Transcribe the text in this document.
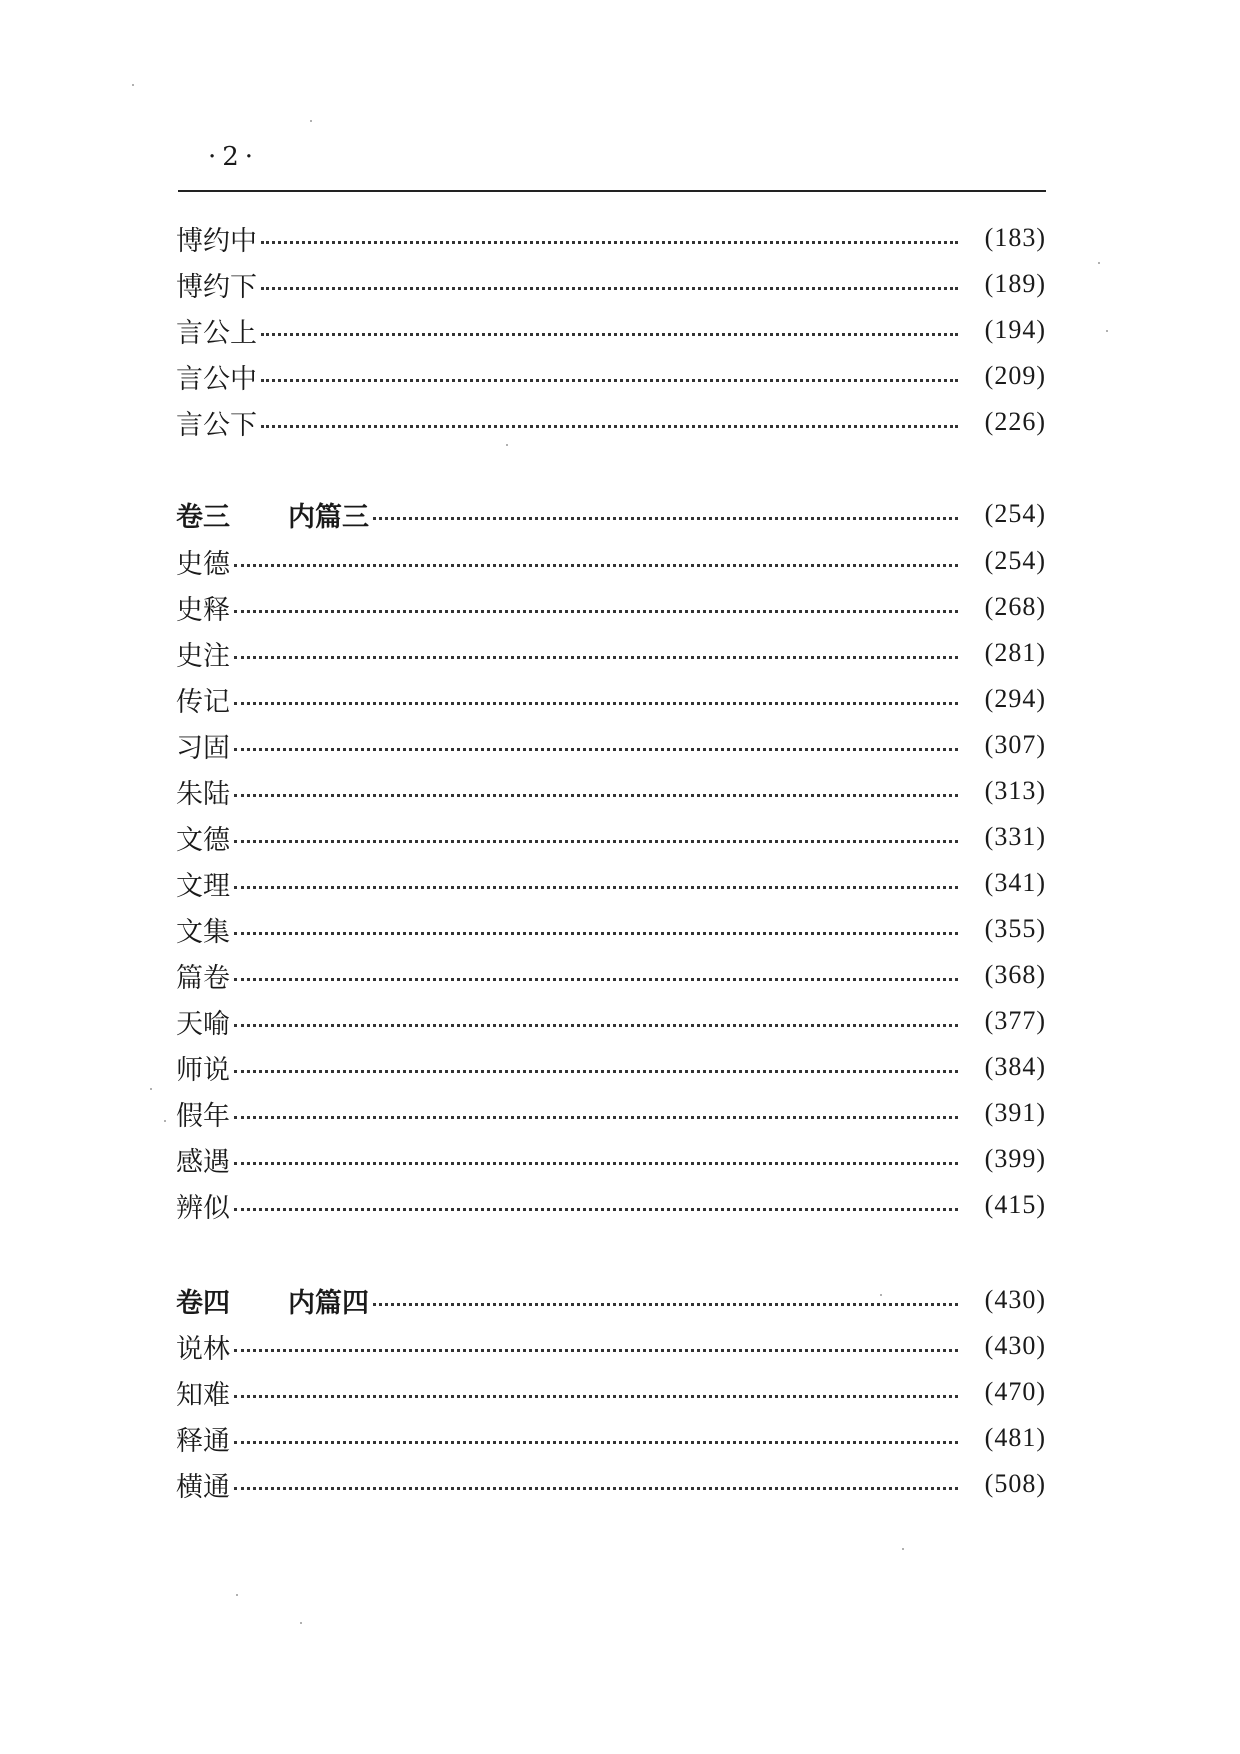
·2·
博约中	(183)
博约下	(189)
言公上	(194)
言公中	(209)
言公下	(226)
卷三 内篇三	(254)
史德	(254)
史释	(268)
史注	(281)
传记	(294)
习固	(307)
朱陆	(313)
文德	(331)
文理	(341)
文集	(355)
篇卷	(368)
天喻	(377)
师说	(384)
假年	(391)
感遇	(399)
辨似	(415)
卷四 内篇四	(430)
说林	(430)
知难	(470)
释通	(481)
横通	(508)
